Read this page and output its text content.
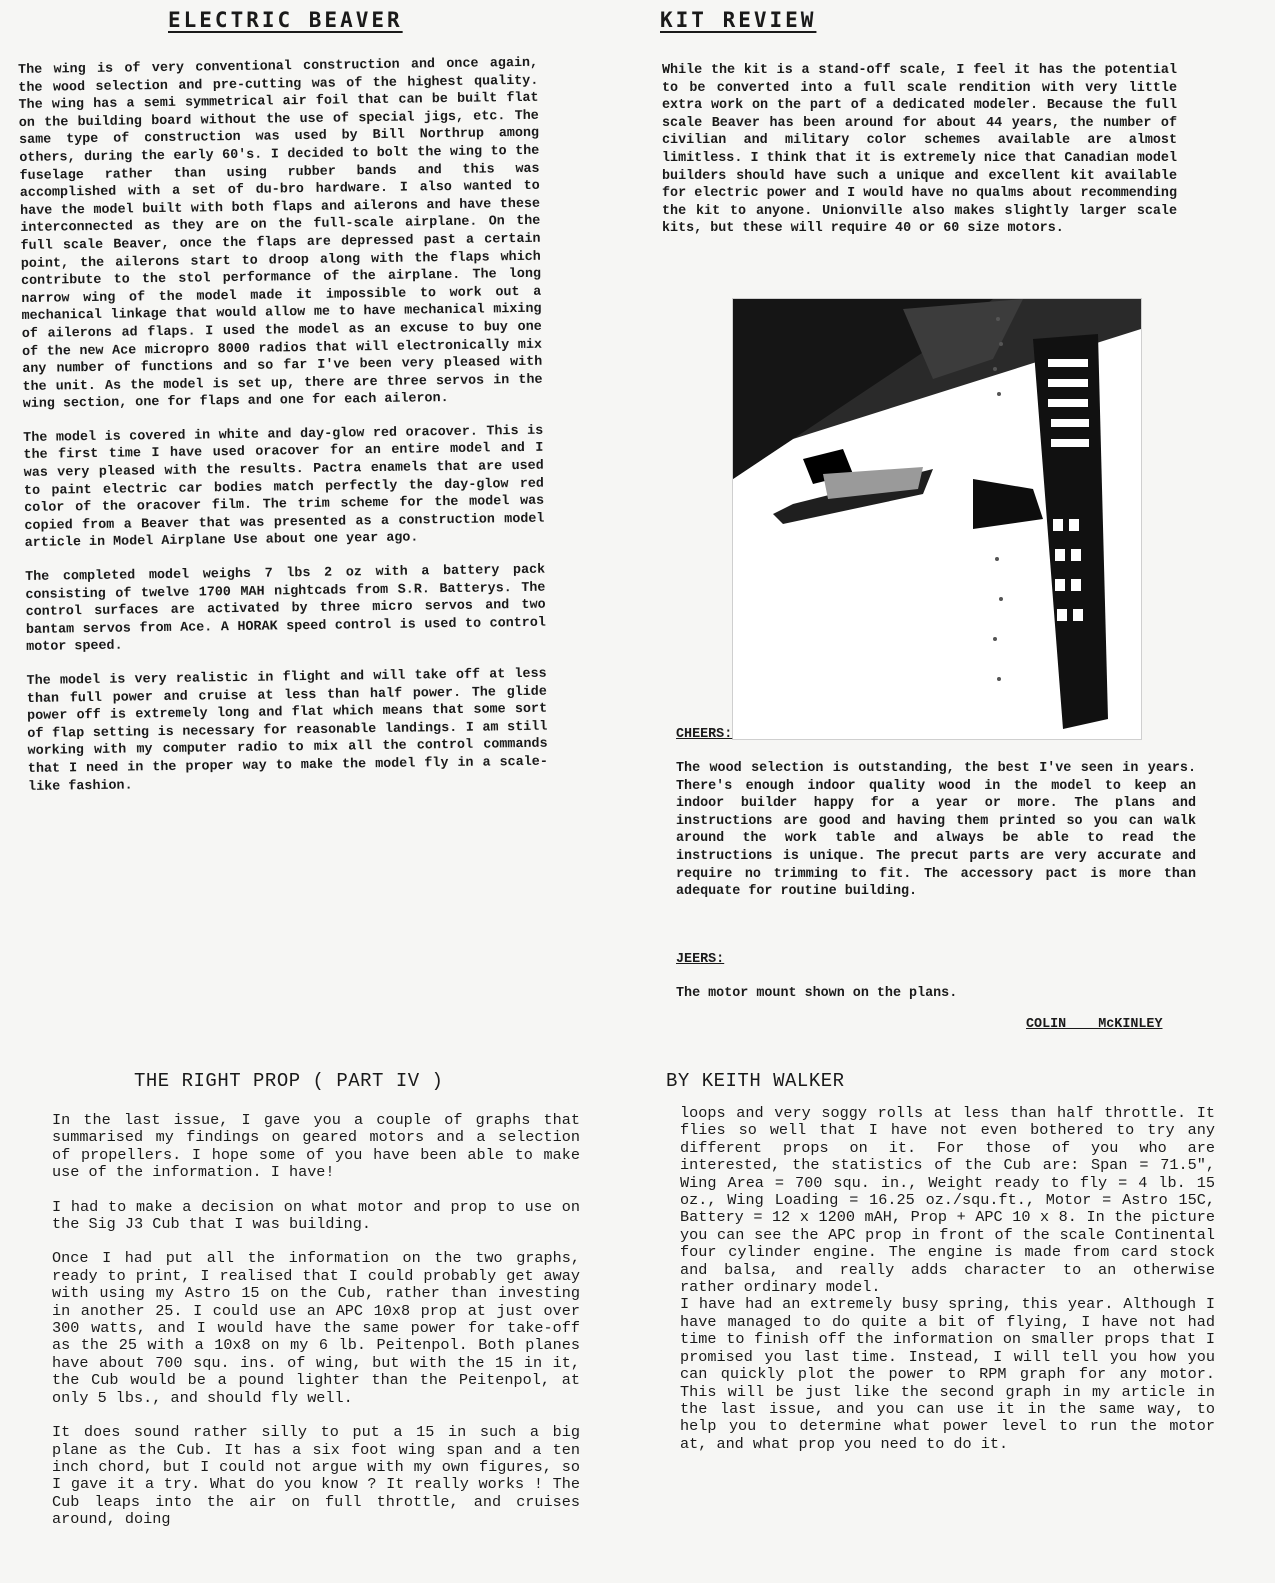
ELECTRIC BEAVER	KIT REVIEW

The wing is of very conventional construction and once again, the wood selection and pre-cutting was of the highest quality. The wing has a semi symmetrical air foil that can be built flat on the building board without the use of special jigs, etc. The same type of construction was used by Bill Northrup among others, during the early 60's. I decided to bolt the wing to the fuselage rather than using rubber bands and this was accomplished with a set of du-bro hardware. I also wanted to have the model built with both flaps and ailerons and have these interconnected as they are on the full-scale airplane. On the full scale Beaver, once the flaps are depressed past a certain point, the ailerons start to droop along with the flaps which contribute to the stol performance of the airplane. The long narrow wing of the model made it impossible to work out a mechanical linkage that would allow me to have mechanical mixing of ailerons ad flaps. I used the model as an excuse to buy one of the new Ace micropro 8000 radios that will electronically mix any number of functions and so far I've been very pleased with the unit. As the model is set up, there are three servos in the wing section, one for flaps and one for each aileron.

The model is covered in white and day-glow red oracover. This is the first time I have used oracover for an entire model and I was very pleased with the results. Pactra enamels that are used to paint electric car bodies match perfectly the day-glow red color of the oracover film. The trim scheme for the model was copied from a Beaver that was presented as a construction model article in Model Airplane Use about one year ago.

The completed model weighs 7 lbs 2 oz with a battery pack consisting of twelve 1700 MAH nightcads from S.R. Batterys. The control surfaces are activated by three micro servos and two bantam servos from Ace. A HORAK speed control is used to control motor speed.

The model is very realistic in flight and will take off at less than full power and cruise at less than half power. The glide power off is extremely long and flat which means that some sort of flap setting is necessary for reasonable landings. I am still working with my computer radio to mix all the control commands that I need in the proper way to make the model fly in a scale-like fashion.

While the kit is a stand-off scale, I feel it has the potential to be converted into a full scale rendition with very little extra work on the part of a dedicated modeler. Because the full scale Beaver has been around for about 44 years, the number of civilian and military color schemes available are almost limitless. I think that it is extremely nice that Canadian model builders should have such a unique and excellent kit available for electric power and I would have no qualms about recommending the kit to anyone. Unionville also makes slightly larger scale kits, but these will require 40 or 60 size motors.

CHEERS:

The wood selection is outstanding, the best I've seen in years. There's enough indoor quality wood in the model to keep an indoor builder happy for a year or more. The plans and instructions are good and having them printed so you can walk around the work table and always be able to read the instructions is unique. The precut parts are very accurate and require no trimming to fit. The accessory pact is more than adequate for routine building.

JEERS:

The motor mount shown on the plans.

COLIN McKINLEY
THE RIGHT PROP ( PART IV )	BY KEITH WALKER

In the last issue, I gave you a couple of graphs that summarised my findings on geared motors and a selection of propellers. I hope some of you have been able to make use of the information. I have!

I had to make a decision on what motor and prop to use on the Sig J3 Cub that I was building.

Once I had put all the information on the two graphs, ready to print, I realised that I could probably get away with using my Astro 15 on the Cub, rather than investing in another 25. I could use an APC 10x8 prop at just over 300 watts, and I would have the same power for take-off as the 25 with a 10x8 on my 6 lb. Peitenpol. Both planes have about 700 squ. ins. of wing, but with the 15 in it, the Cub would be a pound lighter than the Peitenpol, at only 5 lbs., and should fly well.

It does sound rather silly to put a 15 in such a big plane as the Cub. It has a six foot wing span and a ten inch chord, but I could not argue with my own figures, so I gave it a try. What do you know ? It really works ! The Cub leaps into the air on full throttle, and cruises around, doing

loops and very soggy rolls at less than half throttle. It flies so well that I have not even bothered to try any different props on it. For those of you who are interested, the statistics of the Cub are: Span = 71.5", Wing Area = 700 squ. in., Weight ready to fly = 4 lb. 15 oz., Wing Loading = 16.25 oz./squ.ft., Motor = Astro 15C, Battery = 12 x 1200 mAH, Prop + APC 10 x 8. In the picture you can see the APC prop in front of the scale Continental four cylinder engine. The engine is made from card stock and balsa, and really adds character to an otherwise rather ordinary model.

I have had an extremely busy spring, this year. Although I have managed to do quite a bit of flying, I have not had time to finish off the information on smaller props that I promised you last time. Instead, I will tell you how you can quickly plot the power to RPM graph for any motor. This will be just like the second graph in my article in the last issue, and you can use it in the same way, to help you to determine what power level to run the motor at, and what prop you need to do it.
